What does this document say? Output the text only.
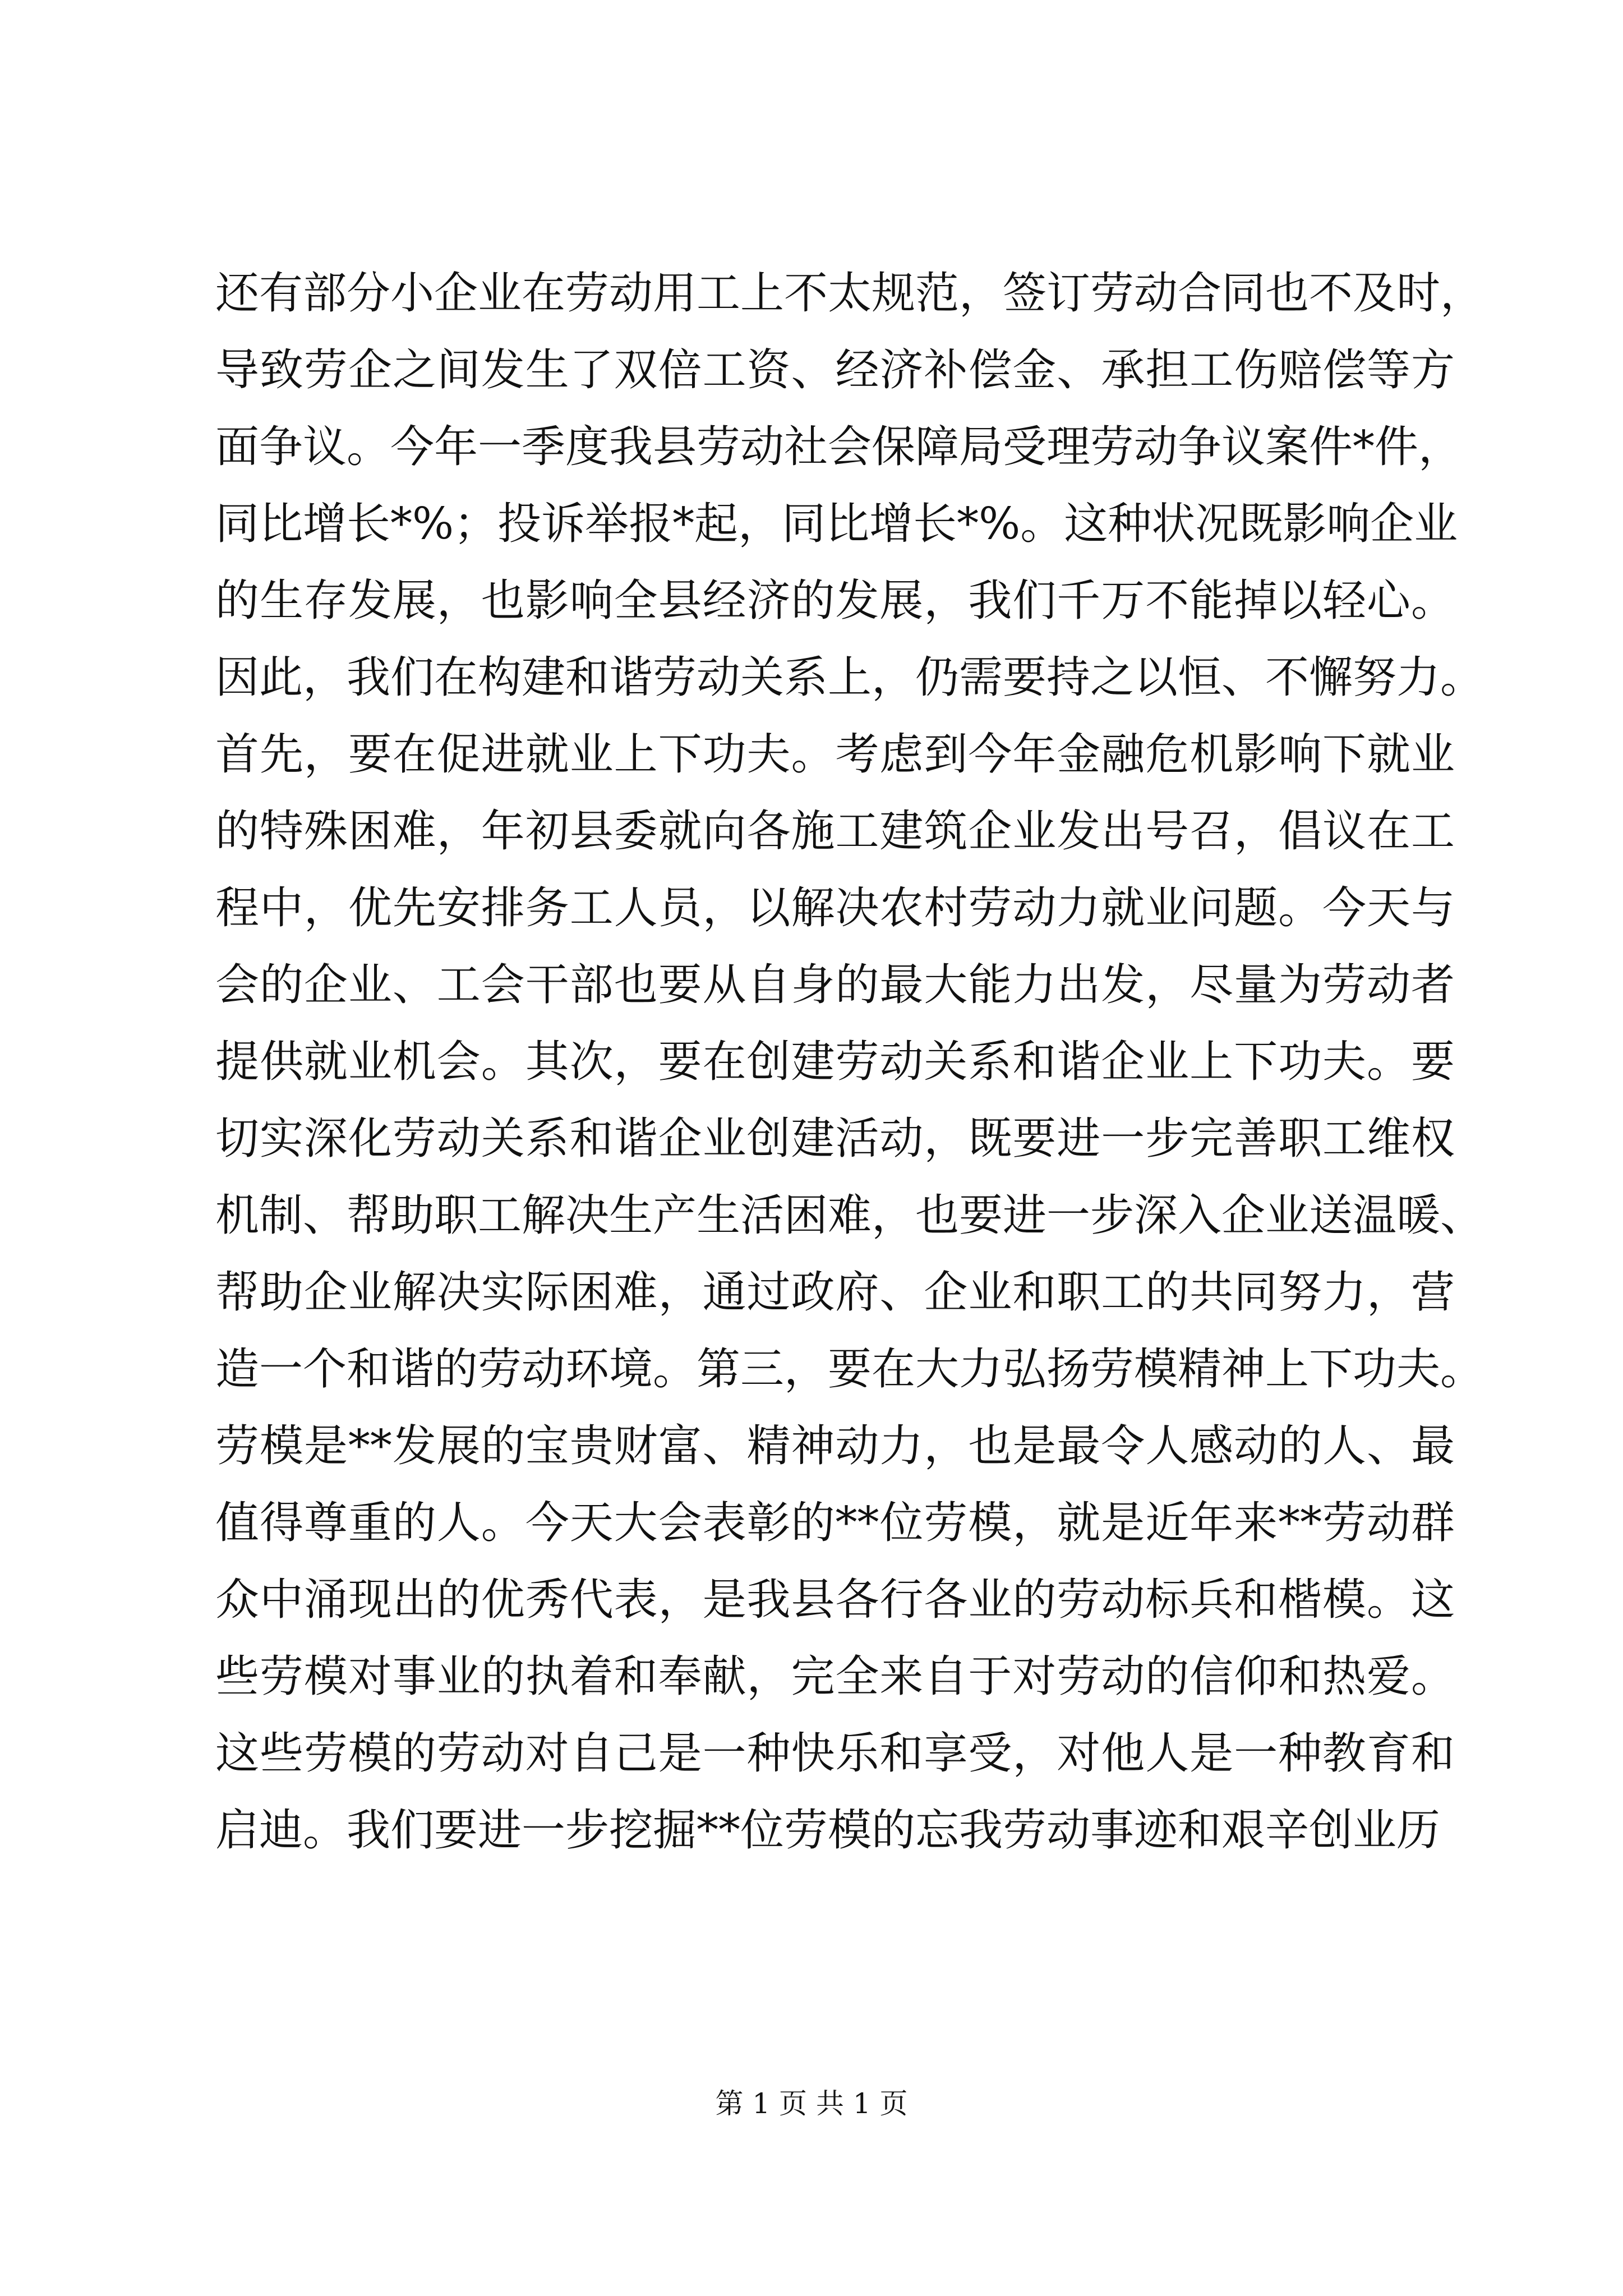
还有部分小企业在劳动用工上不太规范，签订劳动合同也不及时，
导致劳企之间发生了双倍工资、经济补偿金、承担工伤赔偿等方
面争议。今年一季度我县劳动社会保障局受理劳动争议案件*件，
同比增长*%；投诉举报*起，同比增长*%。这种状况既影响企业
的生存发展，也影响全县经济的发展，我们千万不能掉以轻心。
因此，我们在构建和谐劳动关系上，仍需要持之以恒、不懈努力。
首先，要在促进就业上下功夫。考虑到今年金融危机影响下就业
的特殊困难，年初县委就向各施工建筑企业发出号召，倡议在工
程中，优先安排务工人员，以解决农村劳动力就业问题。今天与
会的企业、工会干部也要从自身的最大能力出发，尽量为劳动者
提供就业机会。其次，要在创建劳动关系和谐企业上下功夫。要
切实深化劳动关系和谐企业创建活动，既要进一步完善职工维权
机制、帮助职工解决生产生活困难，也要进一步深入企业送温暖、
帮助企业解决实际困难，通过政府、企业和职工的共同努力，营
造一个和谐的劳动环境。第三，要在大力弘扬劳模精神上下功夫。
劳模是**发展的宝贵财富、精神动力，也是最令人感动的人、最
值得尊重的人。今天大会表彰的**位劳模，就是近年来**劳动群
众中涌现出的优秀代表，是我县各行各业的劳动标兵和楷模。这
些劳模对事业的执着和奉献，完全来自于对劳动的信仰和热爱。
这些劳模的劳动对自己是一种快乐和享受，对他人是一种教育和
启迪。我们要进一步挖掘**位劳模的忘我劳动事迹和艰辛创业历
第 1 页 共 1 页
